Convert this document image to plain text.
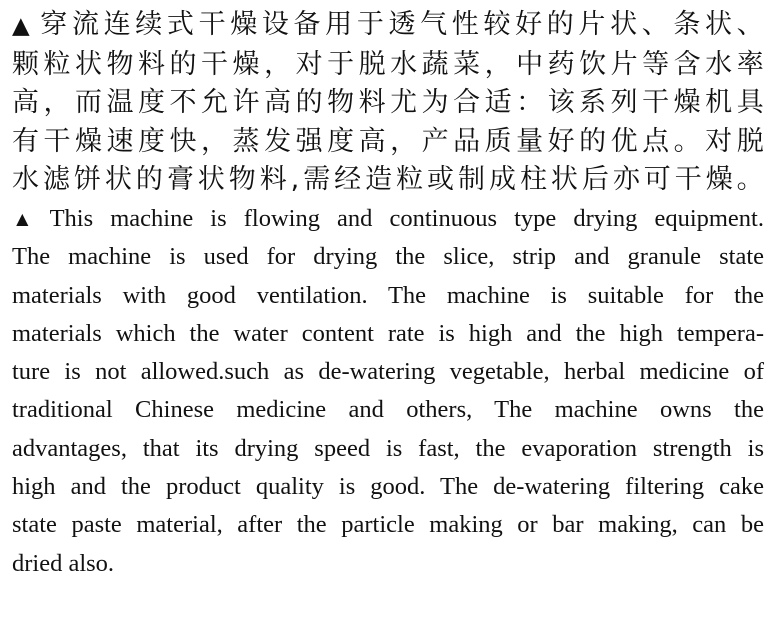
▲ 穿流连续式干燥设备用于透气性较好的片状、条状、
颗粒状物料的干燥，对于脱水蔬菜，中药饮片等含水率
高，而温度不允许高的物料尤为合适：该系列干燥机具
有干燥速度快，蒸发强度高，产品质量好的优点。对脱
水滤饼状的膏状物料,需经造粒或制成柱状后亦可干燥。
▲ This machine is flowing and continuous type drying equipment.
The machine is used for drying the slice, strip and granule state
materials with good ventilation. The machine is suitable for the
materials which the water content rate is high and the high tempera-
ture is not allowed.such as de-watering vegetable, herbal medicine of
traditional Chinese medicine and others, The machine owns the
advantages, that its drying speed is fast, the evaporation strength is
high and the product quality is good. The de-watering filtering cake
state paste material, after the particle making or bar making, can be
dried also.
